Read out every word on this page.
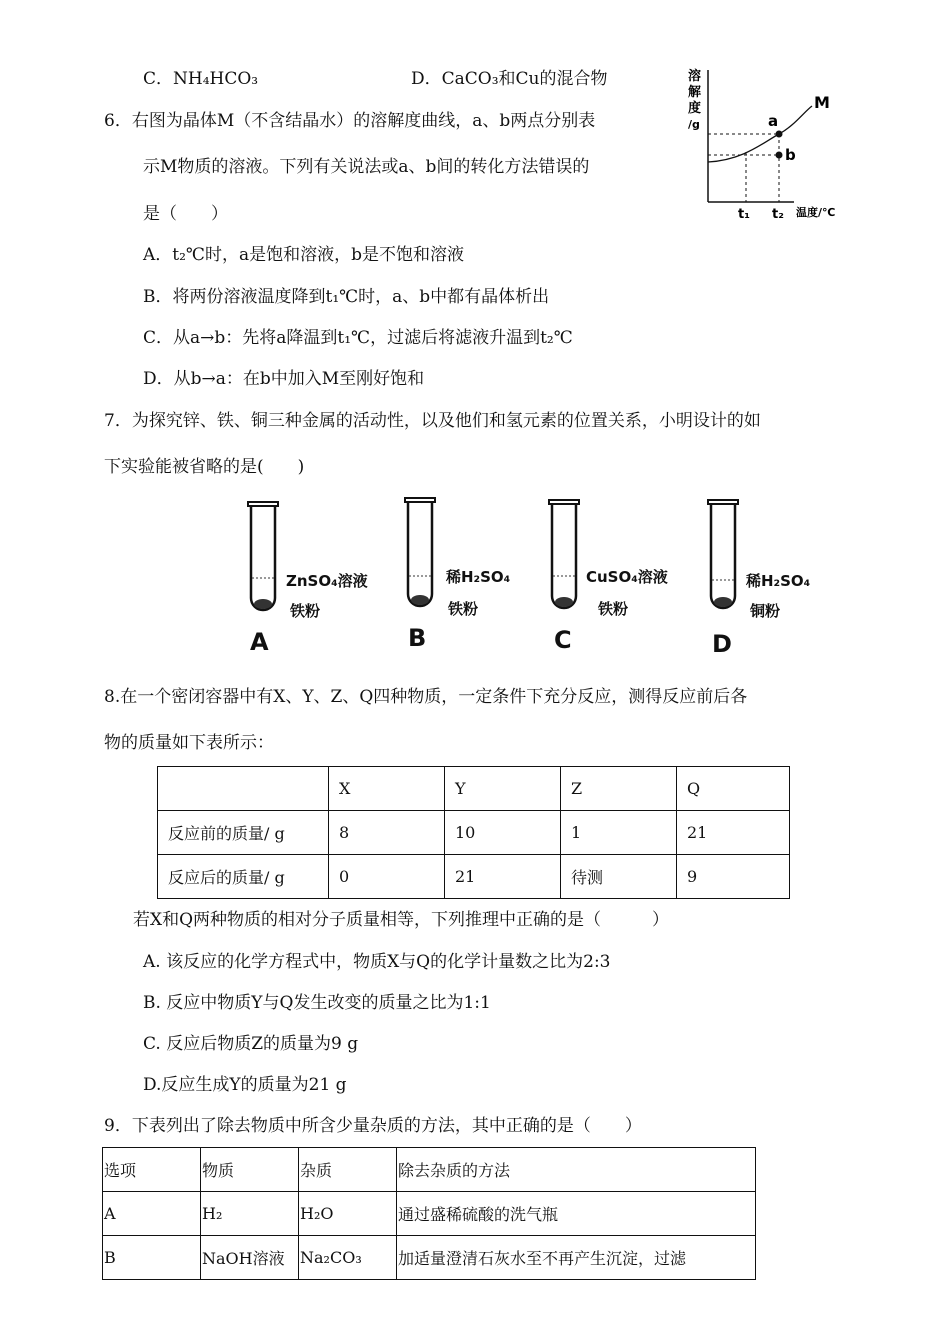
C．NH₄HCO₃	D．CaCO₃和Cu的混合物
6．右图为晶体M（不含结晶水）的溶解度曲线，a、b两点分别表
示M物质的溶液。下列有关说法或a、b间的转化方法错误的
是（　　）
A．t₂℃时，a是饱和溶液，b是不饱和溶液
B．将两份溶液温度降到t₁℃时，a、b中都有晶体析出
C．从a→b：先将a降温到t₁℃，过滤后将滤液升温到t₂℃
D．从b→a：在b中加入M至刚好饱和
溶
解
度
/g
M
a
b
t₁ t₂ 温度/℃
7．为探究锌、铁、铜三种金属的活动性，以及他们和氢元素的位置关系，小明设计的如
下实验能被省略的是(　　)
ZnSO₄溶液
铁粉
A
稀H₂SO₄
铁粉
B
CuSO₄溶液
铁粉
C
稀H₂SO₄
铜粉
D
8.在一个密闭容器中有X、Y、Z、Q四种物质，一定条件下充分反应，测得反应前后各
物的质量如下表所示：
	X	Y	Z	Q
反应前的质量/ g	8	10	1	21
反应后的质量/ g	0	21	待测	9
若X和Q两种物质的相对分子质量相等，下列推理中正确的是（　　　）
A. 该反应的化学方程式中，物质X与Q的化学计量数之比为2:3
B. 反应中物质Y与Q发生改变的质量之比为1:1
C. 反应后物质Z的质量为9 g
D.反应生成Y的质量为21 g
9．下表列出了除去物质中所含少量杂质的方法，其中正确的是（　　）
选项	物质	杂质	除去杂质的方法
A	H₂	H₂O	通过盛稀硫酸的洗气瓶
B	NaOH溶液	Na₂CO₃	加适量澄清石灰水至不再产生沉淀，过滤
